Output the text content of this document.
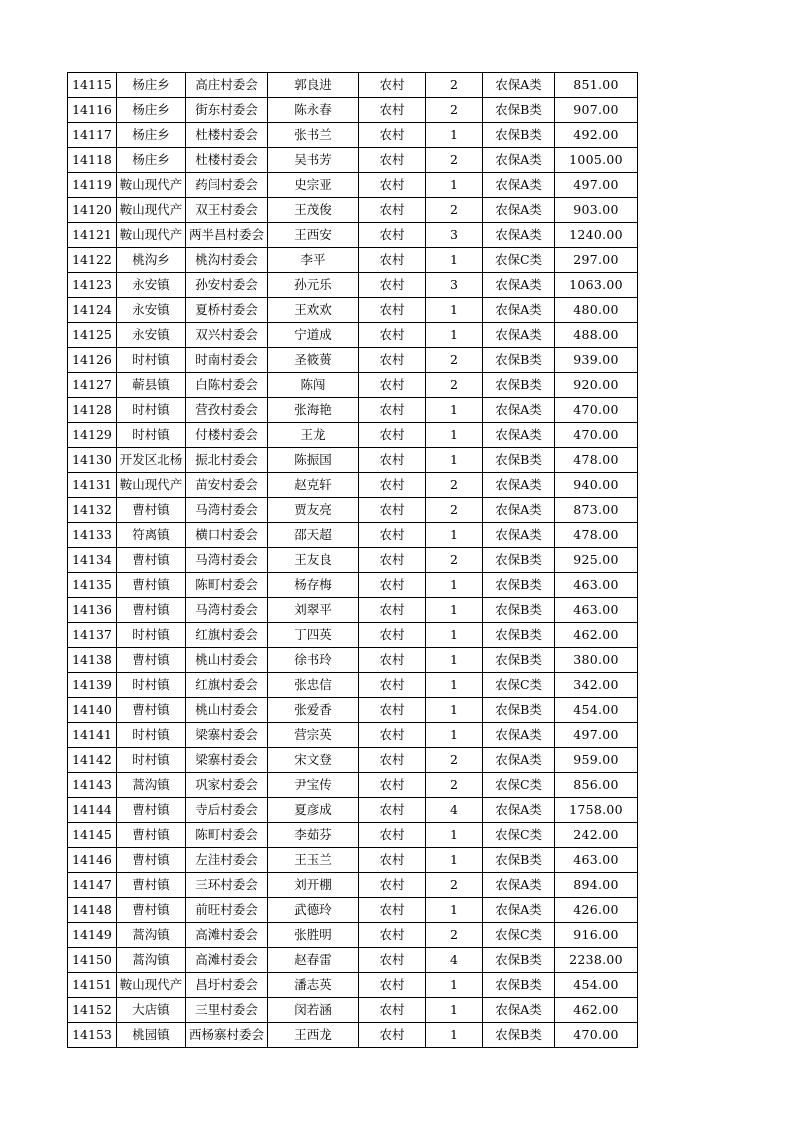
14115	杨庄乡	高庄村委会	郭良进	农村	2	农保A类	851.00
14116	杨庄乡	街东村委会	陈永春	农村	2	农保B类	907.00
14117	杨庄乡	杜楼村委会	张书兰	农村	1	农保B类	492.00
14118	杨庄乡	杜楼村委会	吴书芳	农村	2	农保A类	1005.00
14119	鞍山现代产	药闫村委会	史宗亚	农村	1	农保A类	497.00
14120	鞍山现代产	双王村委会	王茂俊	农村	2	农保A类	903.00
14121	鞍山现代产	两半昌村委会	王西安	农村	3	农保A类	1240.00
14122	桃沟乡	桃沟村委会	李平	农村	1	农保C类	297.00
14123	永安镇	孙安村委会	孙元乐	农村	3	农保A类	1063.00
14124	永安镇	夏桥村委会	王欢欢	农村	1	农保A类	480.00
14125	永安镇	双兴村委会	宁道成	农村	1	农保A类	488.00
14126	时村镇	时南村委会	圣筱蒉	农村	2	农保B类	939.00
14127	蕲县镇	白陈村委会	陈闯	农村	2	农保B类	920.00
14128	时村镇	营孜村委会	张海艳	农村	1	农保A类	470.00
14129	时村镇	付楼村委会	王龙	农村	1	农保A类	470.00
14130	开发区北杨	振北村委会	陈振国	农村	1	农保B类	478.00
14131	鞍山现代产	苗安村委会	赵克轩	农村	2	农保A类	940.00
14132	曹村镇	马湾村委会	贾友亮	农村	2	农保A类	873.00
14133	符离镇	横口村委会	邵天超	农村	1	农保A类	478.00
14134	曹村镇	马湾村委会	王友良	农村	2	农保B类	925.00
14135	曹村镇	陈町村委会	杨存梅	农村	1	农保B类	463.00
14136	曹村镇	马湾村委会	刘翠平	农村	1	农保B类	463.00
14137	时村镇	红旗村委会	丁四英	农村	1	农保B类	462.00
14138	曹村镇	桃山村委会	徐书玲	农村	1	农保B类	380.00
14139	时村镇	红旗村委会	张忠信	农村	1	农保C类	342.00
14140	曹村镇	桃山村委会	张爱香	农村	1	农保B类	454.00
14141	时村镇	梁寨村委会	营宗英	农村	1	农保A类	497.00
14142	时村镇	梁寨村委会	宋文登	农村	2	农保A类	959.00
14143	蒿沟镇	巩家村委会	尹宝传	农村	2	农保C类	856.00
14144	曹村镇	寺后村委会	夏彦成	农村	4	农保A类	1758.00
14145	曹村镇	陈町村委会	李茹芬	农村	1	农保C类	242.00
14146	曹村镇	左洼村委会	王玉兰	农村	1	农保B类	463.00
14147	曹村镇	三环村委会	刘开棚	农村	2	农保A类	894.00
14148	曹村镇	前旺村委会	武德玲	农村	1	农保A类	426.00
14149	蒿沟镇	高滩村委会	张胜明	农村	2	农保C类	916.00
14150	蒿沟镇	高滩村委会	赵春雷	农村	4	农保B类	2238.00
14151	鞍山现代产	昌圩村委会	潘志英	农村	1	农保B类	454.00
14152	大店镇	三里村委会	闵若涵	农村	1	农保A类	462.00
14153	桃园镇	西杨寨村委会	王西龙	农村	1	农保B类	470.00
